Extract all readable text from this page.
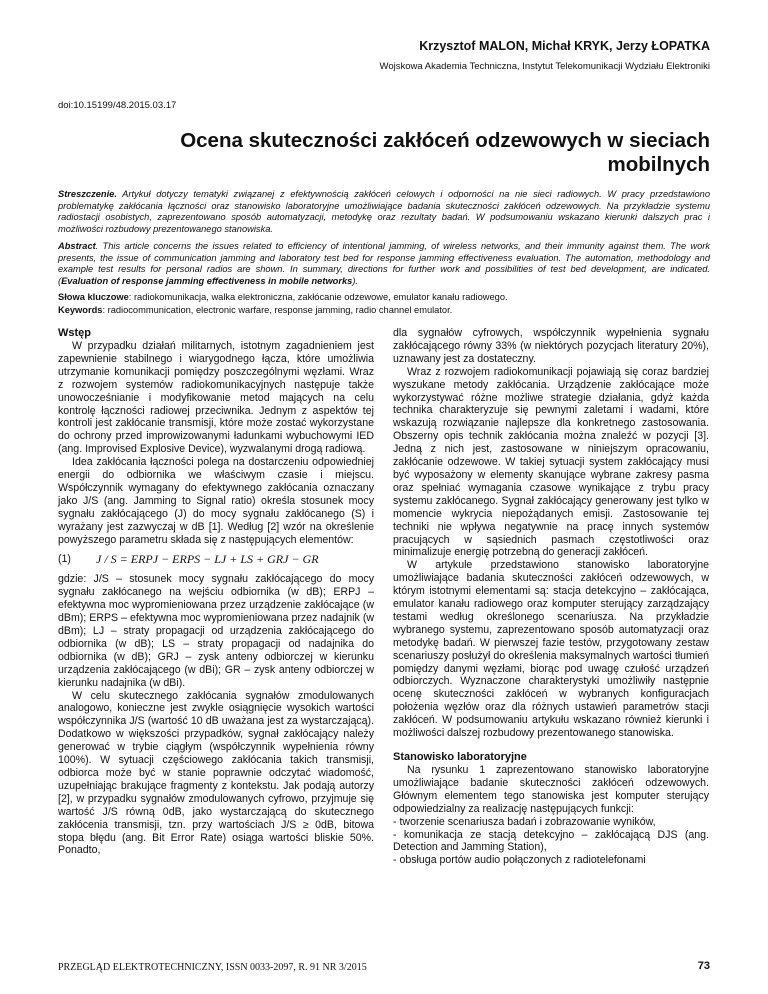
Krzysztof MALON, Michał KRYK, Jerzy ŁOPATKA
Wojskowa Akademia Techniczna, Instytut Telekomunikacji Wydziału Elektroniki
doi:10.15199/48.2015.03.17
Ocena skuteczności zakłóceń odzewowych w sieciach mobilnych
Streszczenie. Artykuł dotyczy tematyki związanej z efektywnością zakłóceń celowych i odporności na nie sieci radiowych. W pracy przedstawiono problematykę zakłócania łączności oraz stanowisko laboratoryjne umożliwiające badania skuteczności zakłóceń odzewowych. Na przykładzie systemu radiostacji osobistych, zaprezentowano sposób automatyzacji, metodykę oraz rezultaty badań. W podsumowaniu wskazano kierunki dalszych prac i możliwości rozbudowy prezentowanego stanowiska.
Abstract. This article concerns the issues related to efficiency of intentional jamming, of wireless networks, and their immunity against them. The work presents, the issue of communication jamming and laboratory test bed for response jamming effectiveness evaluation. The automation, methodology and example test results for personal radios are shown. In summary, directions for further work and possibilities of test bed development, are indicated. (Evaluation of response jamming effectiveness in mobile networks).
Słowa kluczowe: radiokomunikacja, walka elektroniczna, zakłócanie odzewowe, emulator kanału radiowego.
Keywords: radiocommunication, electronic warfare, response jamming, radio channel emulator.
Wstęp

W przypadku działań militarnych, istotnym zagadnieniem jest zapewnienie stabilnego i wiarygodnego łącza, które umożliwia utrzymanie komunikacji pomiędzy poszczególnymi węzłami. Wraz z rozwojem systemów radiokomunikacyjnych następuje także unowocześnianie i modyfikowanie metod mających na celu kontrolę łączności radiowej przeciwnika. Jednym z aspektów tej kontroli jest zakłócanie transmisji, które może zostać wykorzystane do ochrony przed improwizowanymi ładunkami wybuchowymi IED (ang. Improvised Explosive Device), wyzwalanymi drogą radiową.

Idea zakłócania łączności polega na dostarczeniu odpowiedniej energii do odbiornika we właściwym czasie i miejscu. Współczynnik wymagany do efektywnego zakłócania oznaczany jako J/S (ang. Jamming to Signal ratio) określa stosunek mocy sygnału zakłócającego (J) do mocy sygnału zakłócanego (S) i wyrażany jest zazwyczaj w dB [1]. Według [2] wzór na określenie powyższego parametru składa się z następujących elementów:

(1)	J / S = ERPJ − ERPS − LJ + LS + GRJ − GR

gdzie: J/S – stosunek mocy sygnału zakłócającego do mocy sygnału zakłócanego na wejściu odbiornika (w dB); ERPJ – efektywna moc wypromieniowana przez urządzenie zakłócające (w dBm); ERPS – efektywna moc wypromieniowana przez nadajnik (w dBm); LJ – straty propagacji od urządzenia zakłócającego do odbiornika (w dB); LS – straty propagacji od nadajnika do odbiornika (w dB); GRJ – zysk anteny odbiorczej w kierunku urządzenia zakłócającego (w dBi); GR – zysk anteny odbiorczej w kierunku nadajnika (w dBi).

W celu skutecznego zakłócania sygnałów zmodulowanych analogowo, konieczne jest zwykle osiągnięcie wysokich wartości współczynnika J/S (wartość 10 dB uważana jest za wystarczającą). Dodatkowo w większości przypadków, sygnał zakłócający należy generować w trybie ciągłym (współczynnik wypełnienia równy 100%). W sytuacji częściowego zakłócania takich transmisji, odbiorca może być w stanie poprawnie odczytać wiadomość, uzupełniając brakujące fragmenty z kontekstu. Jak podają autorzy [2], w przypadku sygnałów zmodulowanych cyfrowo, przyjmuje się wartość J/S równą 0dB, jako wystarczającą do skutecznego zakłócenia transmisji, tzn. przy wartościach J/S ≥ 0dB, bitowa stopa błędu (ang. Bit Error Rate) osiąga wartości bliskie 50%. Ponadto,

dla sygnałów cyfrowych, współczynnik wypełnienia sygnału zakłócającego równy 33% (w niektórych pozycjach literatury 20%), uznawany jest za dostateczny.

Wraz z rozwojem radiokomunikacji pojawiają się coraz bardziej wyszukane metody zakłócania. Urządzenie zakłócające może wykorzystywać różne możliwe strategie działania, gdyż każda technika charakteryzuje się pewnymi zaletami i wadami, które wskazują rozwiązanie najlepsze dla konkretnego zastosowania. Obszerny opis technik zakłócania można znaleźć w pozycji [3]. Jedną z nich jest, zastosowane w niniejszym opracowaniu, zakłócanie odzewowe. W takiej sytuacji system zakłócający musi być wyposażony w elementy skanujące wybrane zakresy pasma oraz spełniać wymagania czasowe wynikające z trybu pracy systemu zakłócanego. Sygnał zakłócający generowany jest tylko w momencie wykrycia niepożądanych emisji. Zastosowanie tej techniki nie wpływa negatywnie na pracę innych systemów pracujących w sąsiednich pasmach częstotliwości oraz minimalizuje energię potrzebną do generacji zakłóceń.

W artykule przedstawiono stanowisko laboratoryjne umożliwiające badania skuteczności zakłóceń odzewowych, w którym istotnymi elementami są: stacja detekcyjno – zakłócająca, emulator kanału radiowego oraz komputer sterujący zarządzający testami według określonego scenariusza. Na przykładzie wybranego systemu, zaprezentowano sposób automatyzacji oraz metodykę badań. W pierwszej fazie testów, przygotowany zestaw scenariuszy posłużył do określenia maksymalnych wartości tłumień pomiędzy danymi węzłami, biorąc pod uwagę czułość urządzeń odbiorczych. Wyznaczone charakterystyki umożliwiły następnie ocenę skuteczności zakłóceń w wybranych konfiguracjach położenia węzłów oraz dla różnych ustawień parametrów stacji zakłóceń. W podsumowaniu artykułu wskazano również kierunki i możliwości dalszej rozbudowy prezentowanego stanowiska.

Stanowisko laboratoryjne

Na rysunku 1 zaprezentowano stanowisko laboratoryjne umożliwiające badanie skuteczności zakłóceń odzewowych. Głównym elementem tego stanowiska jest komputer sterujący odpowiedzialny za realizację następujących funkcji:

- tworzenie scenariusza badań i zobrazowanie wyników,

- komunikacja ze stacją detekcyjno – zakłócającą DJS (ang. Detection and Jamming Station),

- obsługa portów audio połączonych z radiotelefonami

PRZEGLĄD ELEKTROTECHNICZNY, ISSN 0033-2097, R. 91 NR 3/2015	73
